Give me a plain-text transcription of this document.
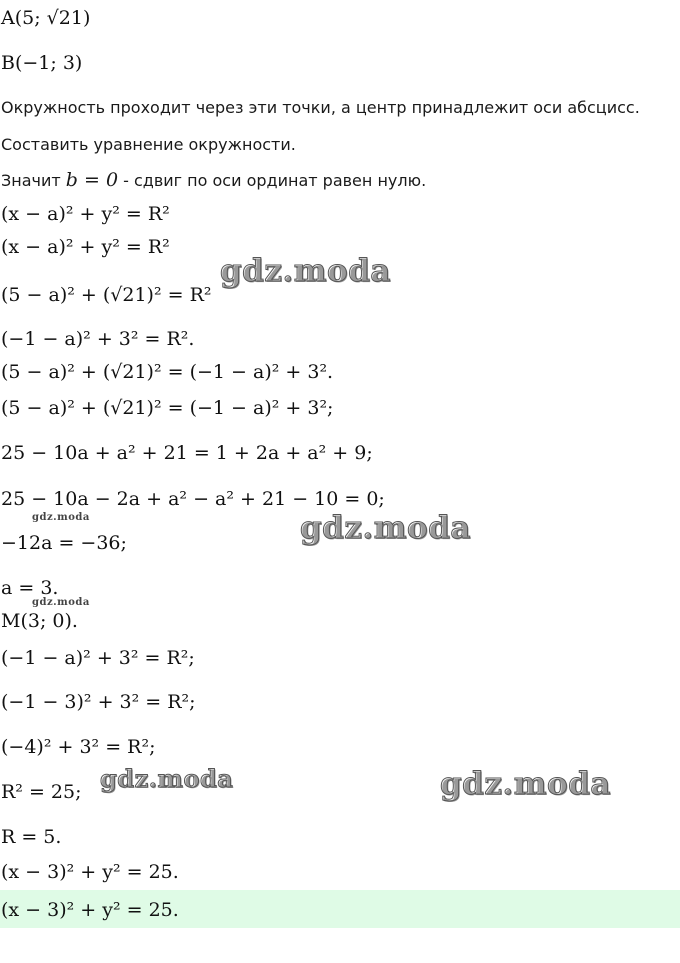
A(5; √21)
B(−1; 3)
Окружность проходит через эти точки, а центр принадлежит оси абсцисс.
Составить уравнение окружности.
Значит b = 0 - сдвиг по оси ординат равен нулю.
(x − a)² + y² = R²
(x − a)² + y² = R²
(5 − a)² + (√21)² = R²
(−1 − a)² + 3² = R².
(5 − a)² + (√21)² = (−1 − a)² + 3².
(5 − a)² + (√21)² = (−1 − a)² + 3²;
25 − 10a + a² + 21 = 1 + 2a + a² + 9;
25 − 10a − 2a + a² − a² + 21 − 10 = 0;
−12a = −36;
a = 3.
M(3; 0).
(−1 − a)² + 3² = R²;
(−1 − 3)² + 3² = R²;
(−4)² + 3² = R²;
R² = 25;
R = 5.
(x − 3)² + y² = 25.
(x − 3)² + y² = 25.
gdz.moda
gdz.moda
gdz.moda
gdz.moda
gdz.moda
gdz.moda
